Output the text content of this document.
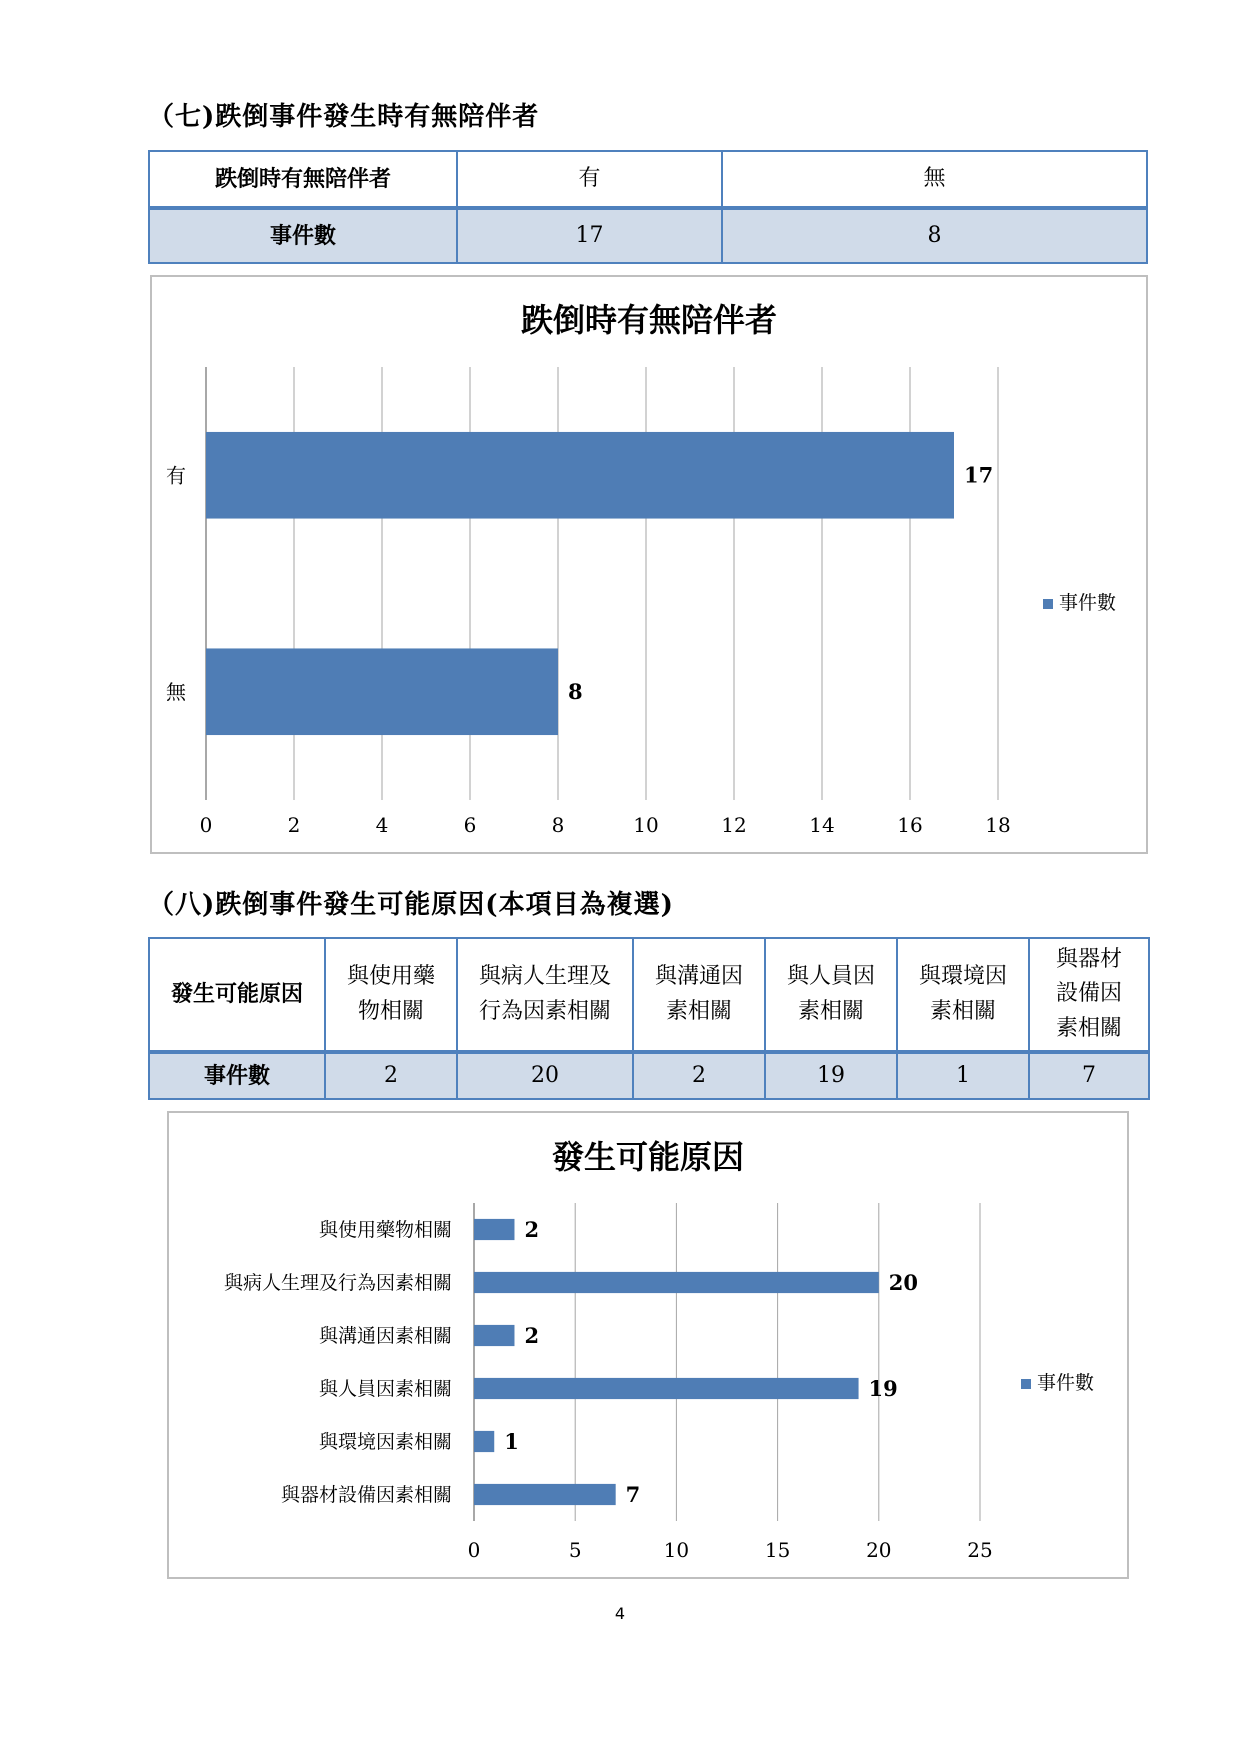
（七)跌倒事件發生時有無陪伴者
跌倒時有無陪伴者	有	無
事件數	17	8
跌倒時有無陪伴者
0	2	4	6	8	10	12	14	16	18
17
有
8
無
事件數
（八)跌倒事件發生可能原因(本項目為複選)
發生可能原因	與使用藥物相關	與病人生理及行為因素相關	與溝通因素相關	與人員因素相關	與環境因素相關	與器材設備因素相關
事件數	2	20	2	19	1	7
發生可能原因
0	5	10	15	20	25
2
與使用藥物相關
20
與病人生理及行為因素相關
2
與溝通因素相關
19
與人員因素相關
1
與環境因素相關
7
與器材設備因素相關
事件數
4
